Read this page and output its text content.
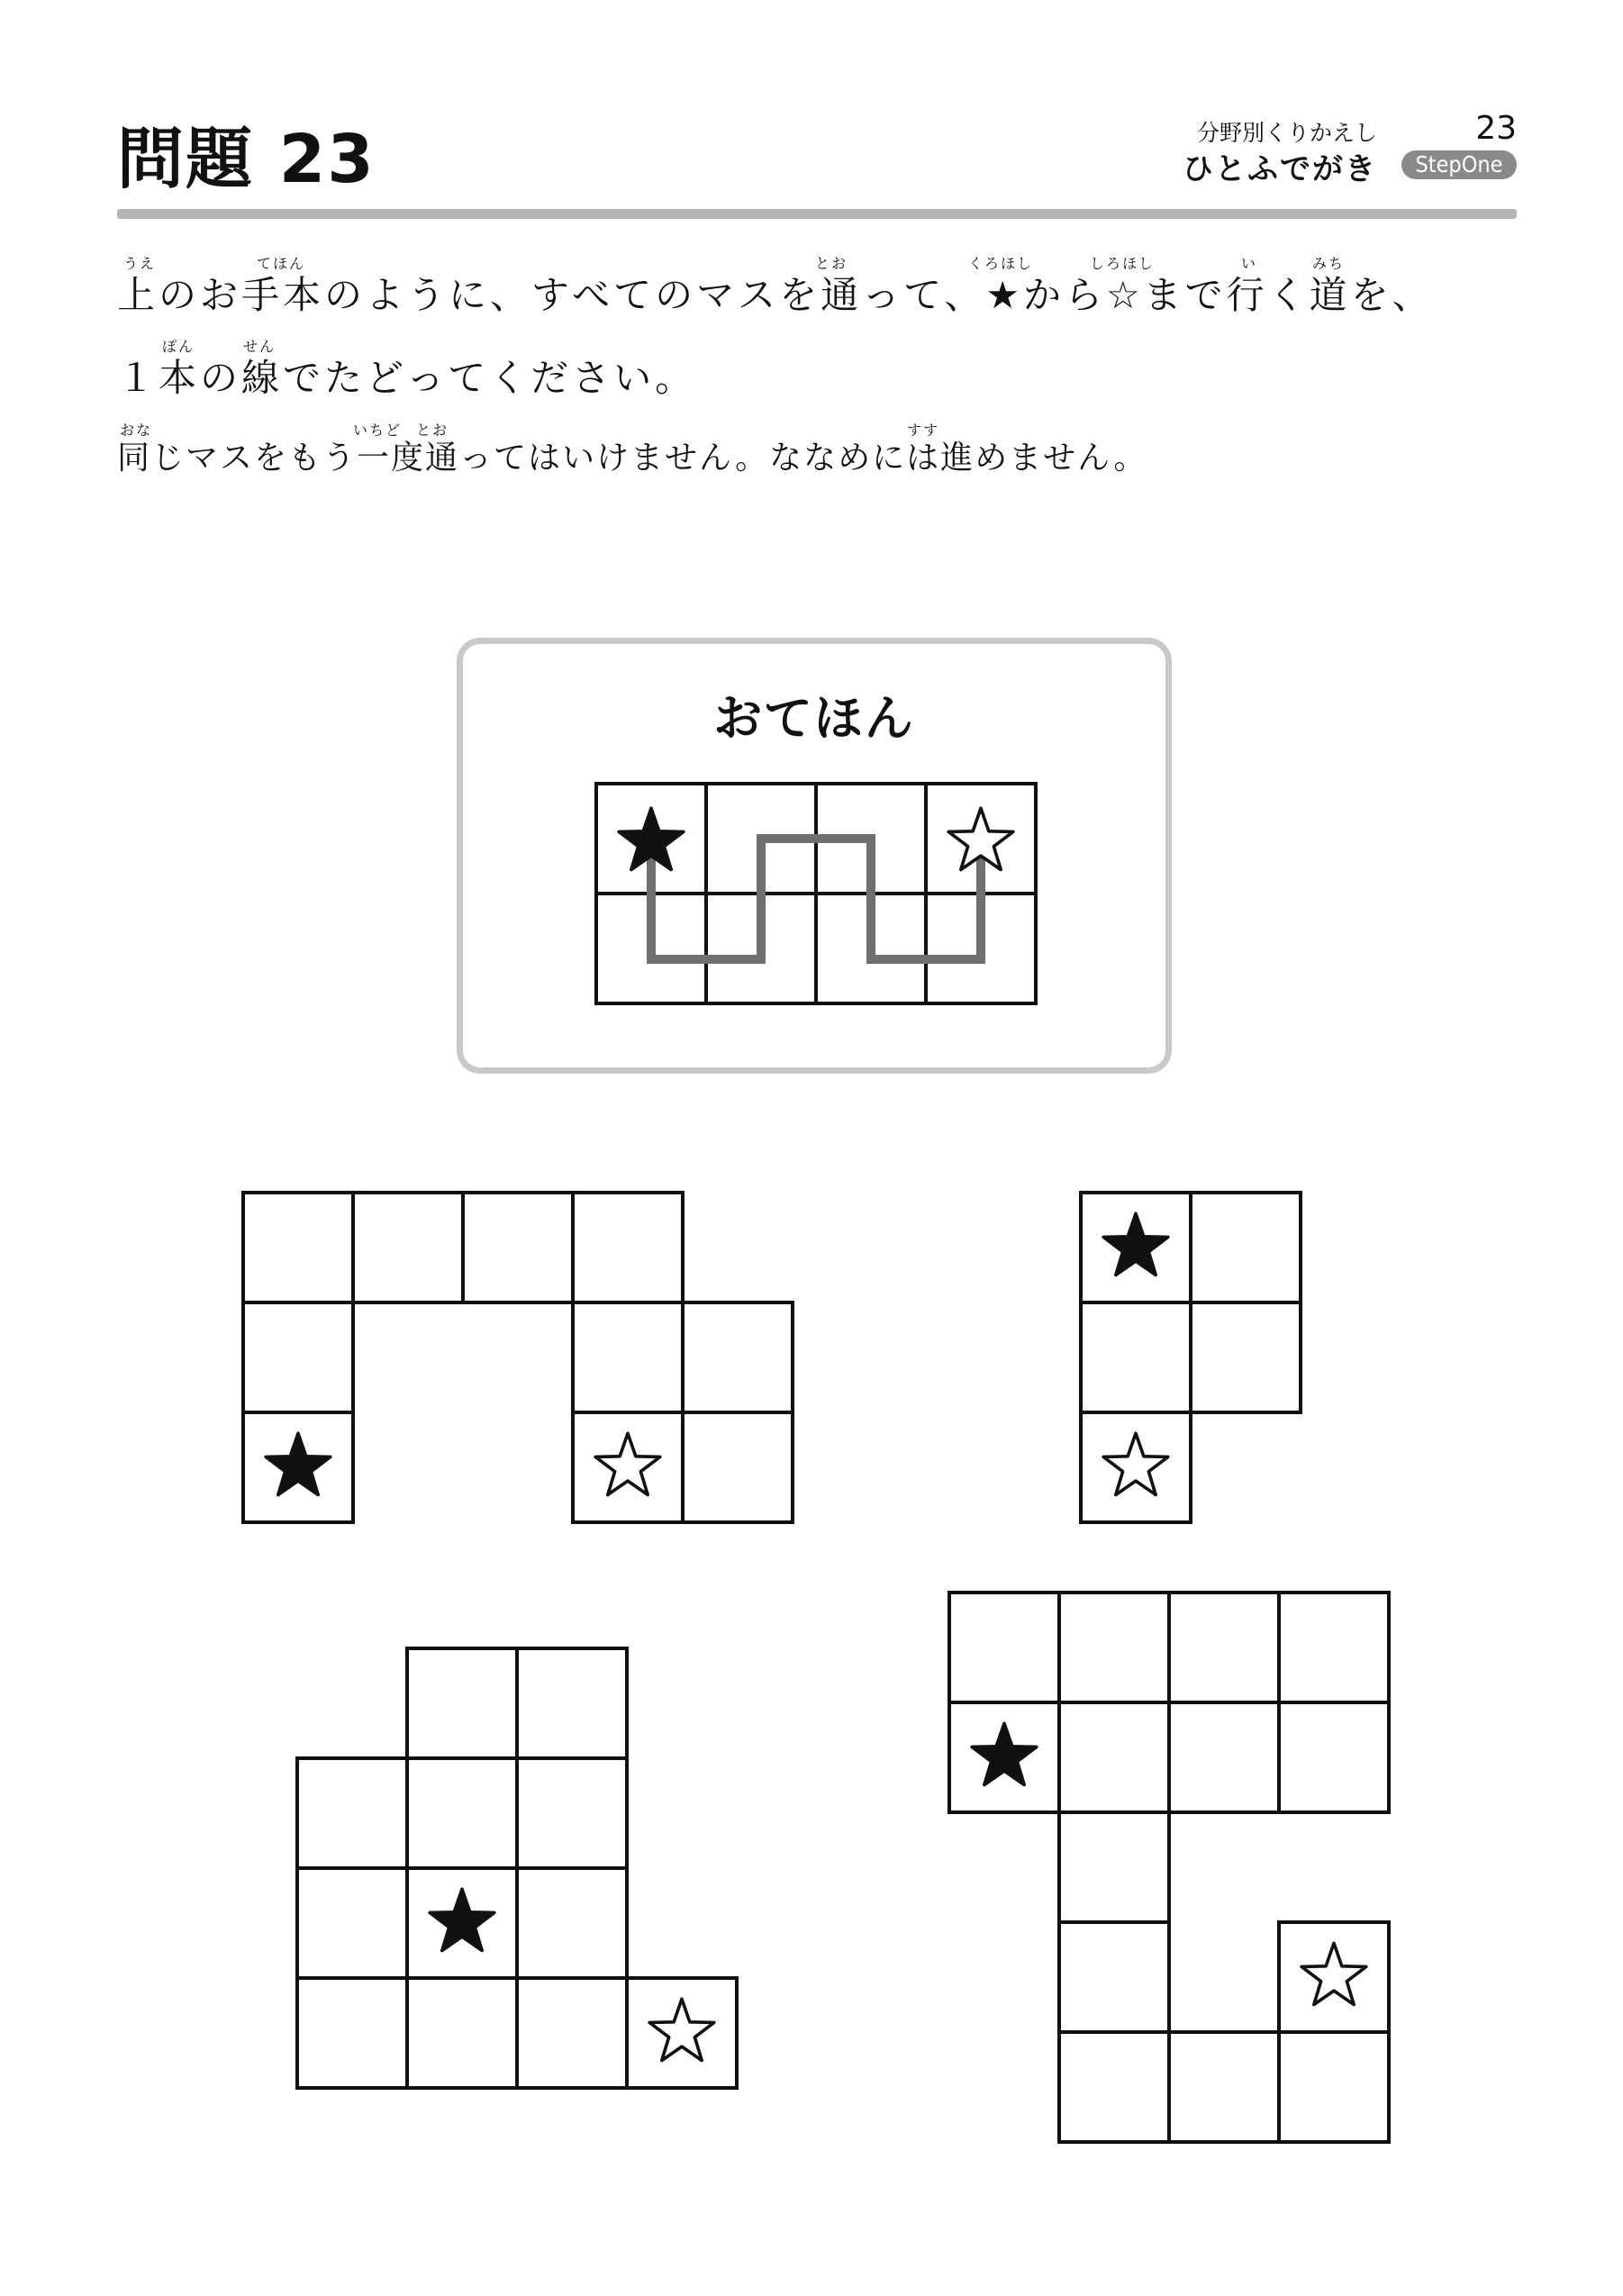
問題 23	分野別くりかえし	23
ひとふでがき	StepOne
うえ	てほん	とお	くろほし	しろほし	い	みち
上のお手本のように、すべてのマスを通って、★から☆まで行く道を、
ぽん	せん
１本の線でたどってください。
おな	いちど とお	すす
同じマスをもう一度通ってはいけません。ななめには進めません。
おてほん
